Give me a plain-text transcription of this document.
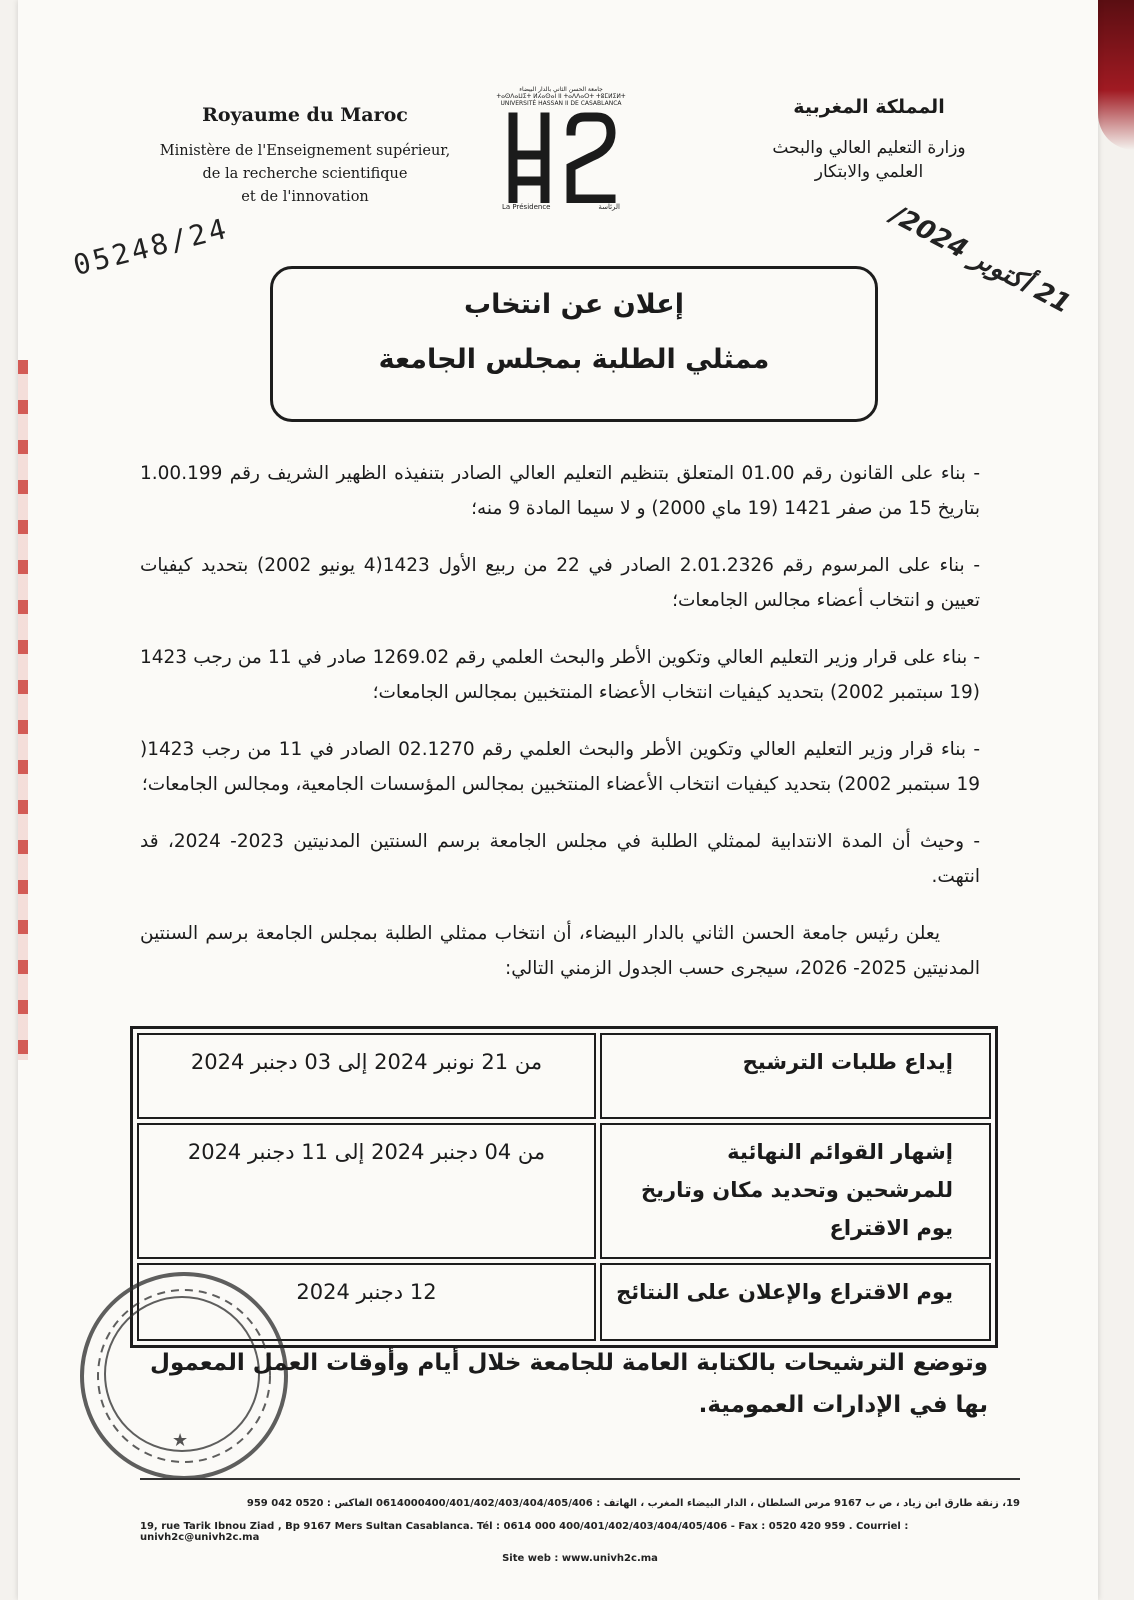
Royaume du Maroc
Ministère de l'Enseignement supérieur,
de la recherche scientifique
et de l'innovation
جامعة الحسن الثاني بالدار البيضاء
ⵜⴰⵙⴷⴰⵡⵉⵜ ⵍⵃⴰⵙⴰⵏ II ⵜⴰⴷⴷⴰⵔⵜ ⵜⵓⵎⵍⵉⵍⵜ
UNIVERSITÉ HASSAN II DE CASABLANCA
La Présidence	الرئاسة
المملكة المغربية
وزارة التعليم العالي والبحث
العلمي والابتكار
05248/24	21 أكتوبر 2024/
إعلان عن انتخاب
ممثلي الطلبة بمجلس الجامعة

- بناء على القانون رقم 01.00 المتعلق بتنظيم التعليم العالي الصادر بتنفيذه الظهير الشريف رقم 1.00.199 بتاريخ 15 من صفر 1421 (19 ماي 2000) و لا سيما المادة 9 منه؛

- بناء على المرسوم رقم 2.01.2326 الصادر في 22 من ربيع الأول 1423(4 يونيو 2002) بتحديد كيفيات تعيين و انتخاب أعضاء مجالس الجامعات؛

- بناء على قرار وزير التعليم العالي وتكوين الأطر والبحث العلمي رقم 1269.02 صادر في 11 من رجب 1423 (19 سبتمبر 2002) بتحديد كيفيات انتخاب الأعضاء المنتخبين بمجالس الجامعات؛

- بناء قرار وزير التعليم العالي وتكوين الأطر والبحث العلمي رقم 02.1270 الصادر في 11 من رجب 1423( 19 سبتمبر 2002) بتحديد كيفيات انتخاب الأعضاء المنتخبين بمجالس المؤسسات الجامعية، ومجالس الجامعات؛

- وحيث أن المدة الانتدابية لممثلي الطلبة في مجلس الجامعة برسم السنتين المدنيتين 2023- 2024، قد انتهت.

يعلن رئيس جامعة الحسن الثاني بالدار البيضاء، أن انتخاب ممثلي الطلبة بمجلس الجامعة برسم السنتين المدنيتين 2025- 2026، سيجرى حسب الجدول الزمني التالي:

إيداع طلبات الترشيح	من 21 نونبر 2024 إلى 03 دجنبر 2024
إشهار القوائم النهائية للمرشحين وتحديد مكان وتاريخ يوم الاقتراع	من 04 دجنبر 2024 إلى 11 دجنبر 2024
يوم الاقتراع والإعلان على النتائج	12 دجنبر 2024
★
وتوضع الترشيحات بالكتابة العامة للجامعة خلال أيام وأوقات العمل المعمول بها في الإدارات العمومية.
19، زنقة طارق ابن زياد ، ص ب 9167 مرس السلطان ، الدار البيضاء المغرب ، الهاتف : 0614000400/401/402/403/404/405/406 الفاكس : 0520 042 959
19, rue Tarik Ibnou Ziad , Bp 9167 Mers Sultan Casablanca. Tél : 0614 000 400/401/402/403/404/405/406 - Fax : 0520 420 959 . Courriel : univh2c@univh2c.ma
Site web : www.univh2c.ma
